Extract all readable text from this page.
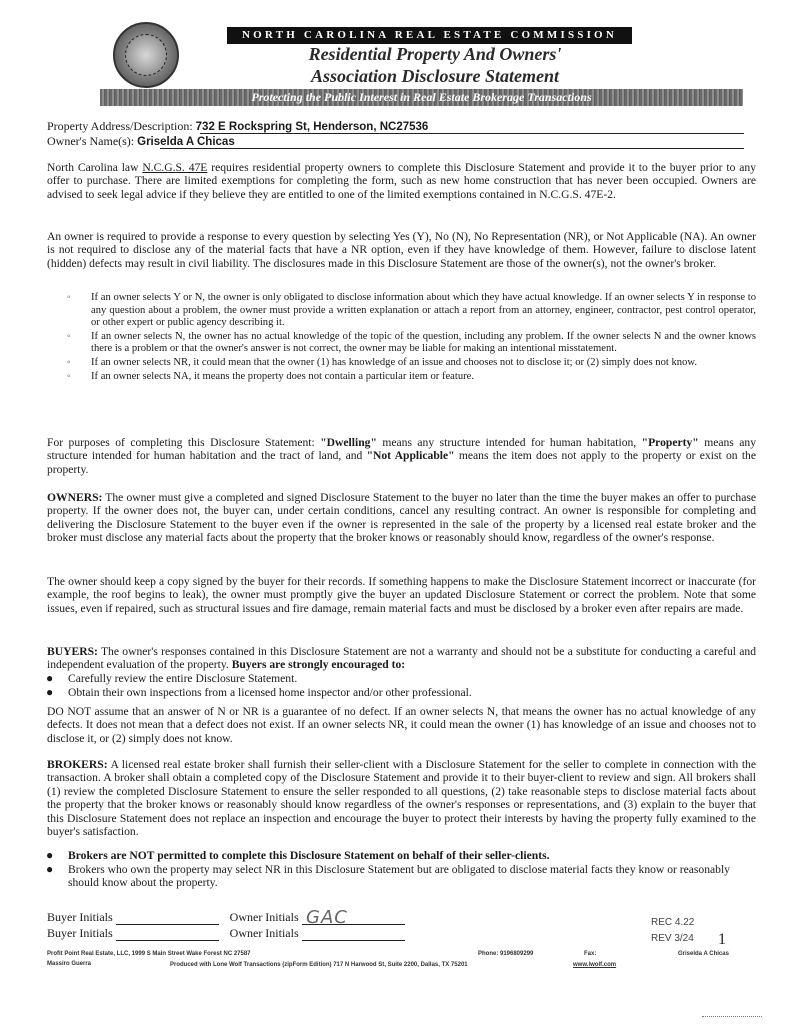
NORTH CAROLINA REAL ESTATE COMMISSION
Residential Property And Owners'
Association Disclosure Statement
Protecting the Public Interest in Real Estate Brokerage Transactions
Property Address/Description: 732 E Rockspring St, Henderson, NC27536
Owner's Name(s): Griselda A Chicas
North Carolina law N.C.G.S. 47E requires residential property owners to complete this Disclosure Statement and provide it to the buyer prior to any offer to purchase. There are limited exemptions for completing the form, such as new home construction that has never been occupied. Owners are advised to seek legal advice if they believe they are entitled to one of the limited exemptions contained in N.C.G.S. 47E-2.
An owner is required to provide a response to every question by selecting Yes (Y), No (N), No Representation (NR), or Not Applicable (NA). An owner is not required to disclose any of the material facts that have a NR option, even if they have knowledge of them. However, failure to disclose latent (hidden) defects may result in civil liability. The disclosures made in this Disclosure Statement are those of the owner(s), not the owner's broker.
◦ If an owner selects Y or N, the owner is only obligated to disclose information about which they have actual knowledge. If an owner selects Y in response to any question about a problem, the owner must provide a written explanation or attach a report from an attorney, engineer, contractor, pest control operator, or other expert or public agency describing it.
◦ If an owner selects N, the owner has no actual knowledge of the topic of the question, including any problem. If the owner selects N and the owner knows there is a problem or that the owner's answer is not correct, the owner may be liable for making an intentional misstatement.
◦ If an owner selects NR, it could mean that the owner (1) has knowledge of an issue and chooses not to disclose it; or (2) simply does not know.
◦ If an owner selects NA, it means the property does not contain a particular item or feature.
For purposes of completing this Disclosure Statement: "Dwelling" means any structure intended for human habitation, "Property" means any structure intended for human habitation and the tract of land, and "Not Applicable" means the item does not apply to the property or exist on the property.
OWNERS: The owner must give a completed and signed Disclosure Statement to the buyer no later than the time the buyer makes an offer to purchase property. If the owner does not, the buyer can, under certain conditions, cancel any resulting contract. An owner is responsible for completing and delivering the Disclosure Statement to the buyer even if the owner is represented in the sale of the property by a licensed real estate broker and the broker must disclose any material facts about the property that the broker knows or reasonably should know, regardless of the owner's response.
The owner should keep a copy signed by the buyer for their records. If something happens to make the Disclosure Statement incorrect or inaccurate (for example, the roof begins to leak), the owner must promptly give the buyer an updated Disclosure Statement or correct the problem. Note that some issues, even if repaired, such as structural issues and fire damage, remain material facts and must be disclosed by a broker even after repairs are made.
BUYERS: The owner's responses contained in this Disclosure Statement are not a warranty and should not be a substitute for conducting a careful and independent evaluation of the property. Buyers are strongly encouraged to:
● Carefully review the entire Disclosure Statement.
● Obtain their own inspections from a licensed home inspector and/or other professional.
DO NOT assume that an answer of N or NR is a guarantee of no defect. If an owner selects N, that means the owner has no actual knowledge of any defects. It does not mean that a defect does not exist. If an owner selects NR, it could mean the owner (1) has knowledge of an issue and chooses not to disclose it, or (2) simply does not know.
BROKERS: A licensed real estate broker shall furnish their seller-client with a Disclosure Statement for the seller to complete in connection with the transaction. A broker shall obtain a completed copy of the Disclosure Statement and provide it to their buyer-client to review and sign. All brokers shall (1) review the completed Disclosure Statement to ensure the seller responded to all questions, (2) take reasonable steps to disclose material facts about the property that the broker knows or reasonably should know regardless of the owner's responses or representations, and (3) explain to the buyer that this Disclosure Statement does not replace an inspection and encourage the buyer to protect their interests by having the property fully examined to the buyer's satisfaction.
● Brokers are NOT permitted to complete this Disclosure Statement on behalf of their seller-clients.
● Brokers who own the property may select NR in this Disclosure Statement but are obligated to disclose material facts they know or reasonably should know about the property.
Buyer Initials	Owner Initials GAC
Buyer Initials	Owner Initials
REC 4.22
REV 3/24 1
Profit Point Real Estate, LLC, 1999 S Main Street Wake Forest NC 27587	Phone: 9196809299	Fax:	Griselda A Chicas
Massiro Guerra	Produced with Lone Wolf Transactions (zipForm Edition) 717 N Harwood St, Suite 2200, Dallas, TX 75201	www.lwolf.com
